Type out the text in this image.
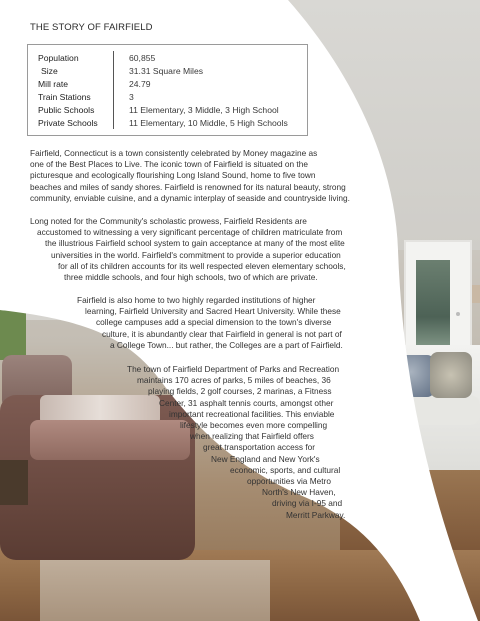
THE STORY OF FAIRFIELD
Population	60,855
Size	31.31 Square Miles
Mill rate	24.79
Train Stations	3
Public Schools	11 Elementary, 3 Middle, 3 High School
Private Schools	11 Elementary, 10 Middle, 5 High Schools
Fairfield, Connecticut is a town consistently celebrated by Money magazine as
one of the Best Places to Live. The iconic town of Fairfield is situated on the
picturesque and ecologically flourishing Long Island Sound, home to five town
beaches and miles of sandy shores. Fairfield is renowned for its natural beauty, strong
community, enviable cuisine, and a dynamic interplay of seaside and countryside living.
Long noted for the Community's scholastic prowess, Fairfield Residents are
accustomed to witnessing a very significant percentage of children matriculate from
the illustrious Fairfield school system to gain acceptance at many of the most elite
universities in the world. Fairfield's commitment to provide a superior education
for all of its children accounts for its well respected eleven elementary schools,
three middle schools, and four high schools, two of which are private.
Fairfield is also home to two highly regarded institutions of higher
learning, Fairfield University and Sacred Heart University. While these
college campuses add a special dimension to the town's diverse
culture, it is abundantly clear that Fairfield in general is not part of
a College Town... but rather, the Colleges are a part of Fairfield.
The town of Fairfield Department of Parks and Recreation
maintains 170 acres of parks, 5 miles of beaches, 36
playing fields, 2 golf courses, 2 marinas, a Fitness
Center, 31 asphalt tennis courts, amongst other
important recreational facilities. This enviable
lifestyle becomes even more compelling
when realizing that Fairfield offers
great transportation access for
New England and New York's
economic, sports, and cultural
opportunities via Metro
North's New Haven,
driving via I-95 and
Merritt Parkway.
